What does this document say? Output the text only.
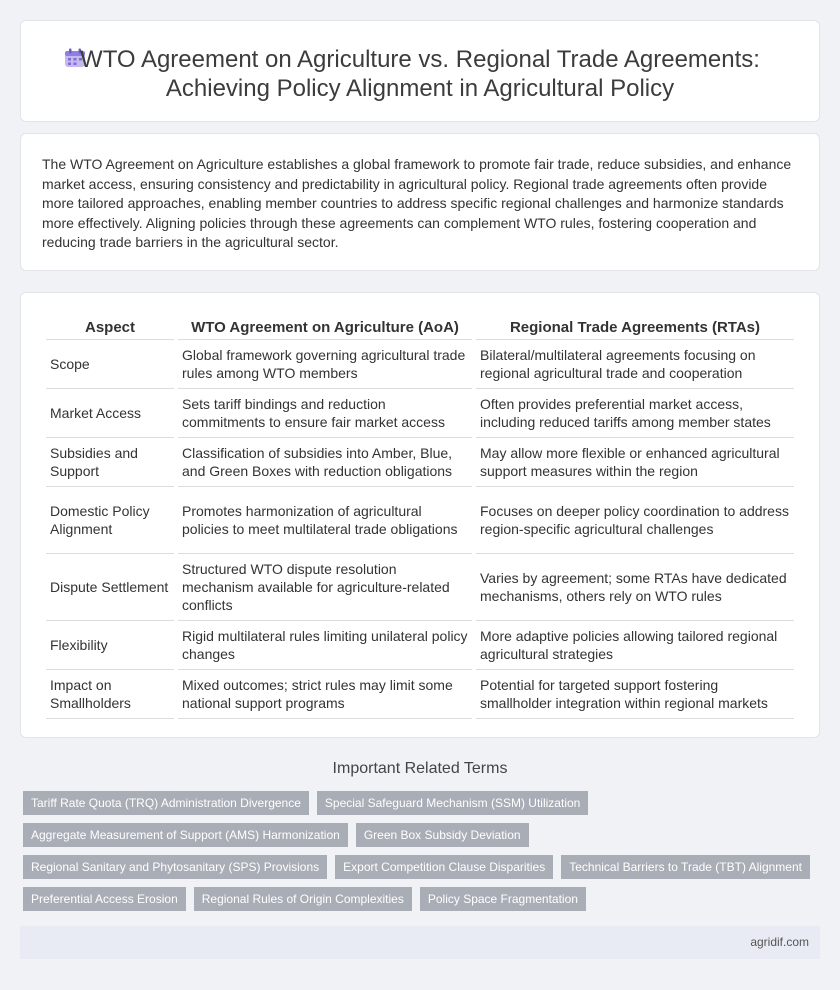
WTO Agreement on Agriculture vs. Regional Trade Agreements: Achieving Policy Alignment in Agricultural Policy

The WTO Agreement on Agriculture establishes a global framework to promote fair trade, reduce subsidies, and enhance market access, ensuring consistency and predictability in agricultural policy. Regional trade agreements often provide more tailored approaches, enabling member countries to address specific regional challenges and harmonize standards more effectively. Aligning policies through these agreements can complement WTO rules, fostering cooperation and reducing trade barriers in the agricultural sector.

Aspect	WTO Agreement on Agriculture (AoA)	Regional Trade Agreements (RTAs)
Scope	Global framework governing agricultural trade rules among WTO members	Bilateral/multilateral agreements focusing on regional agricultural trade and cooperation
Market Access	Sets tariff bindings and reduction commitments to ensure fair market access	Often provides preferential market access, including reduced tariffs among member states
Subsidies and Support	Classification of subsidies into Amber, Blue, and Green Boxes with reduction obligations	May allow more flexible or enhanced agricultural support measures within the region
Domestic Policy Alignment	Promotes harmonization of agricultural policies to meet multilateral trade obligations	Focuses on deeper policy coordination to address region-specific agricultural challenges
Dispute Settlement	Structured WTO dispute resolution mechanism available for agriculture-related conflicts	Varies by agreement; some RTAs have dedicated mechanisms, others rely on WTO rules
Flexibility	Rigid multilateral rules limiting unilateral policy changes	More adaptive policies allowing tailored regional agricultural strategies
Impact on Smallholders	Mixed outcomes; strict rules may limit some national support programs	Potential for targeted support fostering smallholder integration within regional markets
Important Related Terms
Tariff Rate Quota (TRQ) Administration Divergence	Special Safeguard Mechanism (SSM) Utilization
Aggregate Measurement of Support (AMS) Harmonization	Green Box Subsidy Deviation
Regional Sanitary and Phytosanitary (SPS) Provisions	Export Competition Clause Disparities	Technical Barriers to Trade (TBT) Alignment
Preferential Access Erosion	Regional Rules of Origin Complexities	Policy Space Fragmentation
agridif.com
